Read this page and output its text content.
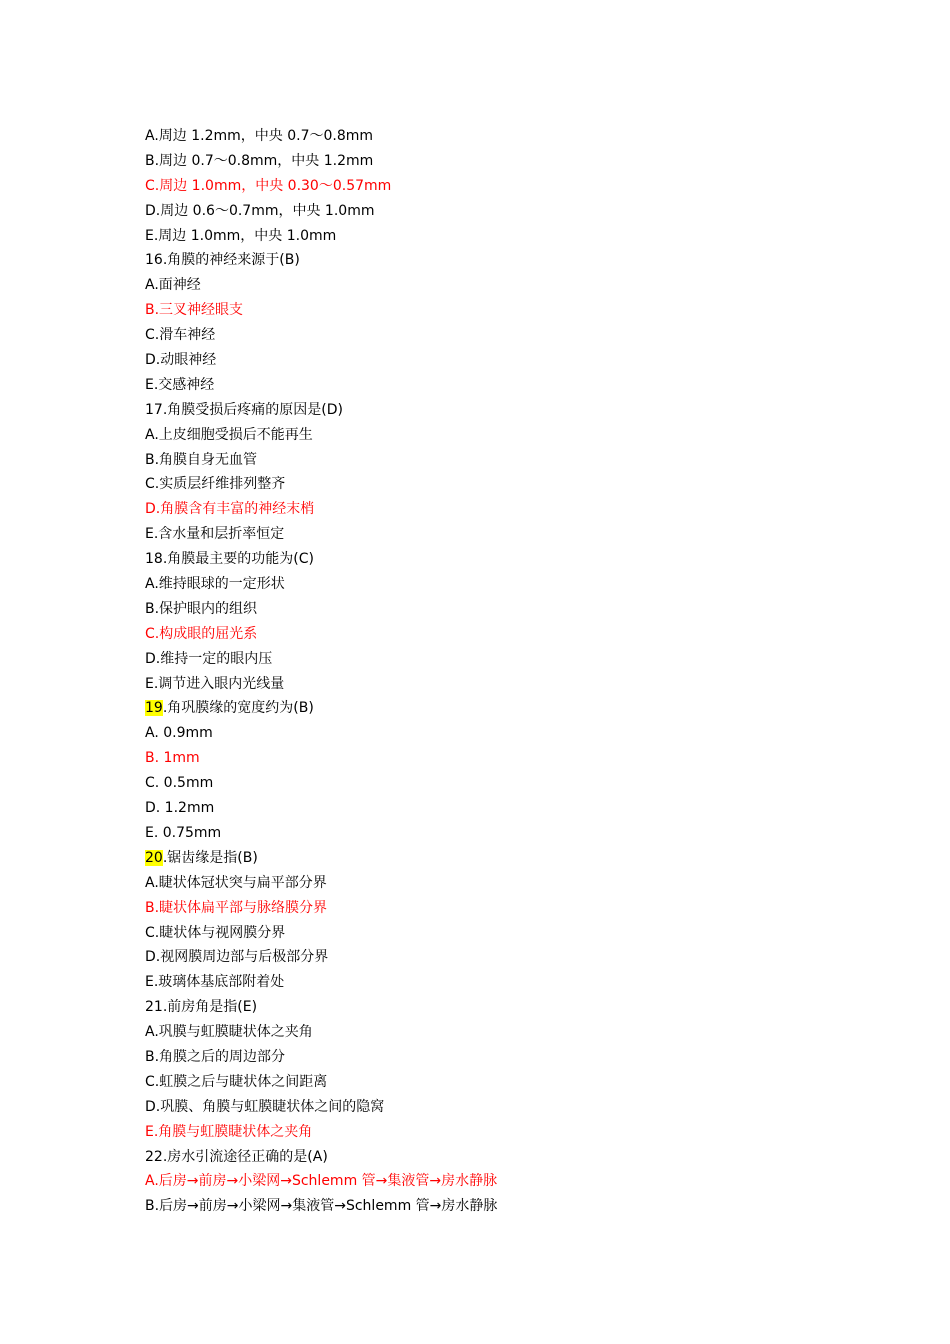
A.周边 1.2mm，中央 0.7～0.8mm
B.周边 0.7～0.8mm，中央 1.2mm
C.周边 1.0mm，中央 0.30～0.57mm
D.周边 0.6～0.7mm，中央 1.0mm
E.周边 1.0mm，中央 1.0mm
16.角膜的神经来源于(B)
A.面神经
B.三叉神经眼支
C.滑车神经
D.动眼神经
E.交感神经
17.角膜受损后疼痛的原因是(D)
A.上皮细胞受损后不能再生
B.角膜自身无血管
C.实质层纤维排列整齐
D.角膜含有丰富的神经末梢
E.含水量和层折率恒定
18.角膜最主要的功能为(C)
A.维持眼球的一定形状
B.保护眼内的组织
C.构成眼的屈光系
D.维持一定的眼内压
E.调节进入眼内光线量
19.角巩膜缘的宽度约为(B)
A. 0.9mm
B. 1mm
C. 0.5mm
D. 1.2mm
E. 0.75mm
20.锯齿缘是指(B)
A.睫状体冠状突与扁平部分界
B.睫状体扁平部与脉络膜分界
C.睫状体与视网膜分界
D.视网膜周边部与后极部分界
E.玻璃体基底部附着处
21.前房角是指(E)
A.巩膜与虹膜睫状体之夹角
B.角膜之后的周边部分
C.虹膜之后与睫状体之间距离
D.巩膜、角膜与虹膜睫状体之间的隐窝
E.角膜与虹膜睫状体之夹角
22.房水引流途径正确的是(A)
A.后房→前房→小梁网→Schlemm 管→集液管→房水静脉
B.后房→前房→小梁网→集液管→Schlemm 管→房水静脉
